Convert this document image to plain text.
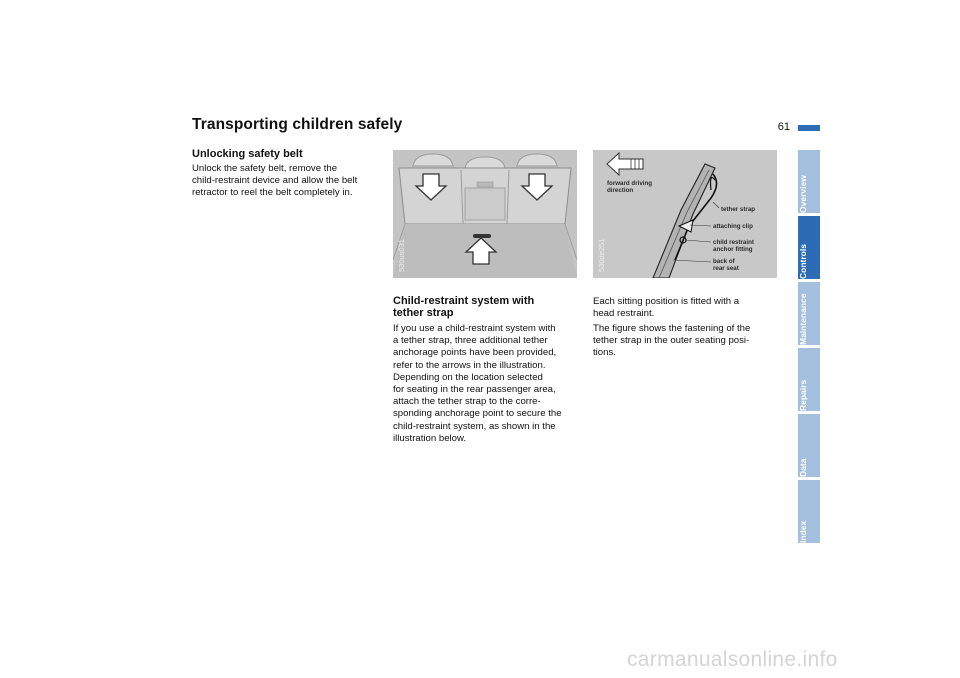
Transporting children safely	61
Unlocking safety belt

Unlock the safety belt, remove the
child-restraint device and allow the belt
retractor to reel the belt completely in.

530us031
Child-restraint system with
tether strap

If you use a child-restraint system with
a tether strap, three additional tether
anchorage points have been provided,
refer to the arrows in the illustration.
Depending on the location selected
for seating in the rear passenger area,
attach the tether strap to the corre-
sponding anchorage point to secure the
child-restraint system, as shown in the
illustration below.

forward driving
direction
tether strap
attaching clip
child restraint
anchor fitting
back of
rear seat
530de251

Each sitting position is fitted with a
head restraint.

The figure shows the fastening of the
tether strap in the outer seating posi-
tions.

Overview
Controls
Maintenance
Repairs
Data
Index
carmanualsonline.info
